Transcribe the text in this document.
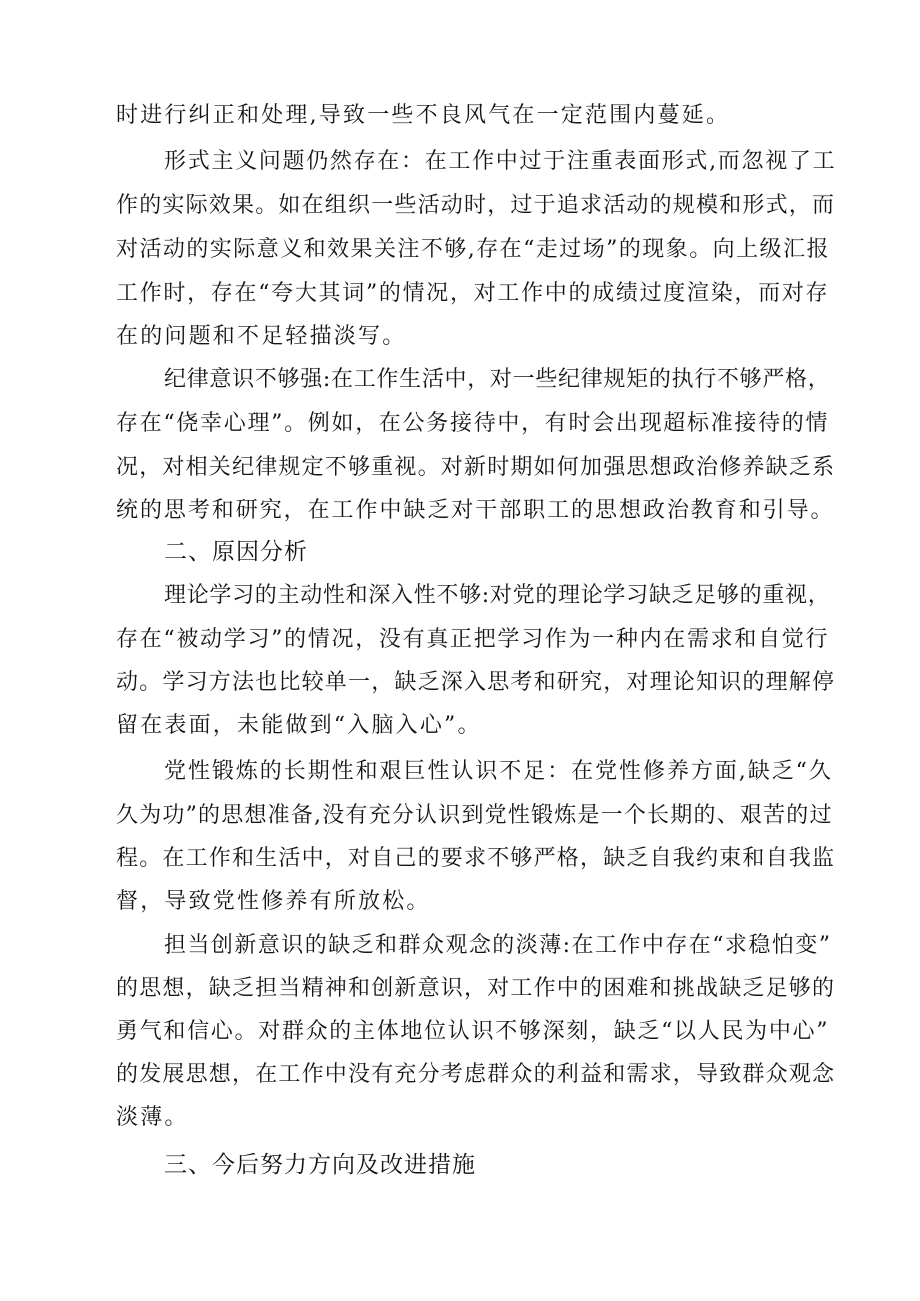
时进行纠正和处理,导致一些不良风气在一定范围内蔓延。

形式主义问题仍然存在：在工作中过于注重表面形式,而忽视了工

作的实际效果。如在组织一些活动时，过于追求活动的规模和形式，而

对活动的实际意义和效果关注不够,存在“走过场”的现象。向上级汇报

工作时，存在“夸大其词”的情况，对工作中的成绩过度渲染，而对存

在的问题和不足轻描淡写。

纪律意识不够强:在工作生活中，对一些纪律规矩的执行不够严格，

存在“侥幸心理”。例如，在公务接待中，有时会出现超标准接待的情

况，对相关纪律规定不够重视。对新时期如何加强思想政治修养缺乏系

统的思考和研究，在工作中缺乏对干部职工的思想政治教育和引导。

二、原因分析

理论学习的主动性和深入性不够:对党的理论学习缺乏足够的重视，

存在“被动学习”的情况，没有真正把学习作为一种内在需求和自觉行

动。学习方法也比较单一，缺乏深入思考和研究，对理论知识的理解停

留在表面，未能做到“入脑入心”。

党性锻炼的长期性和艰巨性认识不足：在党性修养方面,缺乏“久

久为功”的思想准备,没有充分认识到党性锻炼是一个长期的、艰苦的过

程。在工作和生活中，对自己的要求不够严格，缺乏自我约束和自我监

督，导致党性修养有所放松。

担当创新意识的缺乏和群众观念的淡薄:在工作中存在“求稳怕变”

的思想，缺乏担当精神和创新意识，对工作中的困难和挑战缺乏足够的

勇气和信心。对群众的主体地位认识不够深刻，缺乏“以人民为中心”

的发展思想，在工作中没有充分考虑群众的利益和需求，导致群众观念

淡薄。

三、今后努力方向及改进措施
